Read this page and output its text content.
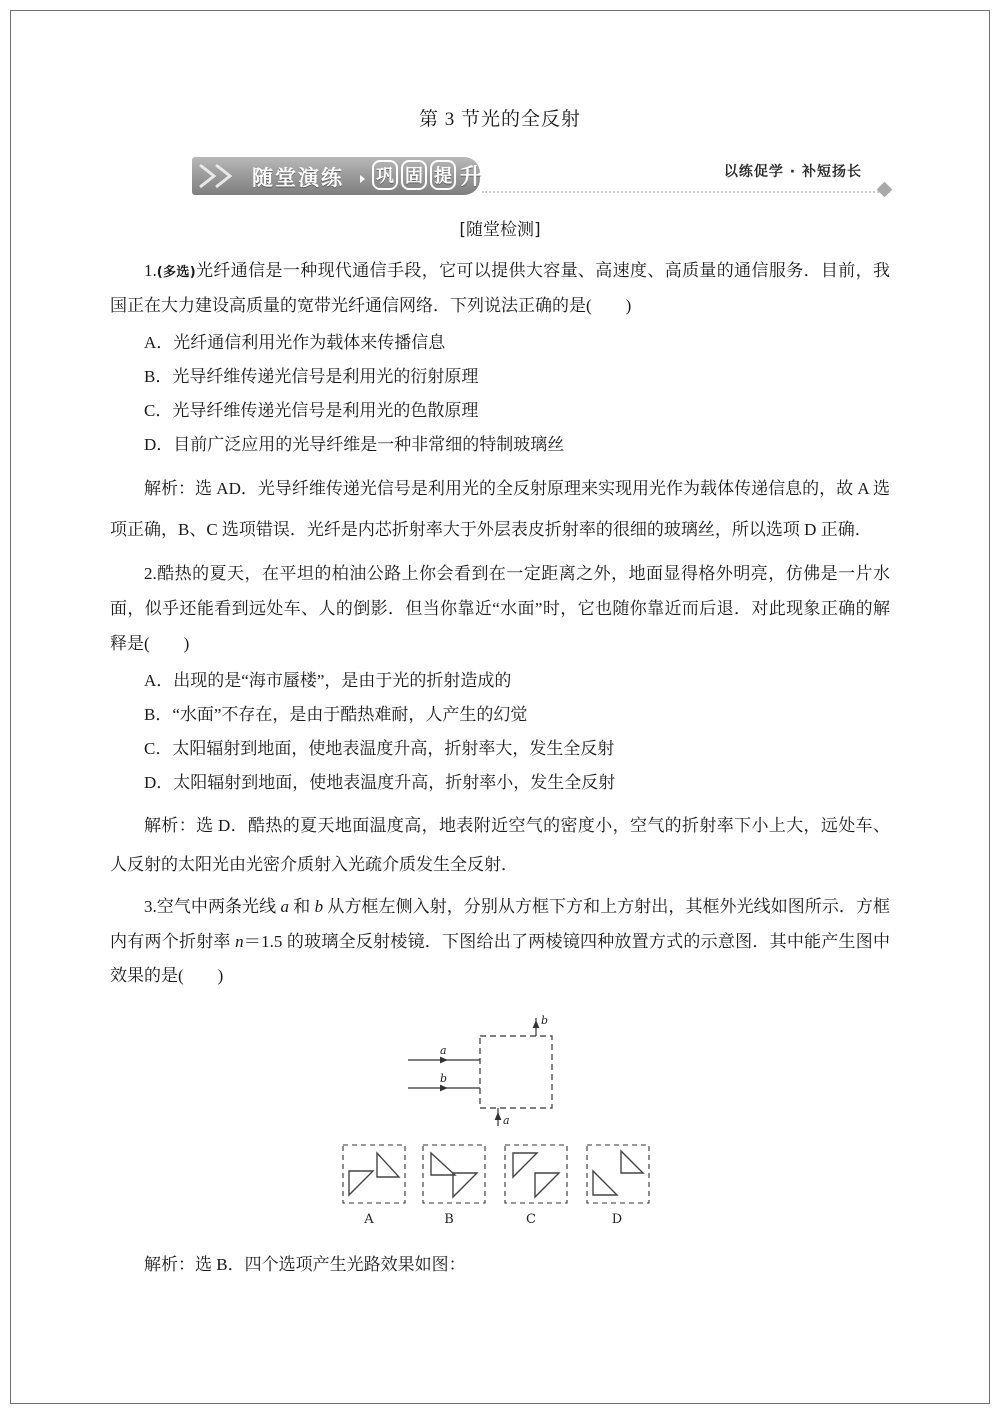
第 3 节光的全反射
随堂演练 巩 固 提 升	以练促学 · 补短扬长
[随堂检测]

1.(多选)光纤通信是一种现代通信手段，它可以提供大容量、高速度、高质量的通信服务．目前，我国正在大力建设高质量的宽带光纤通信网络．下列说法正确的是(　　)

A．光纤通信利用光作为载体来传播信息

B．光导纤维传递光信号是利用光的衍射原理

C．光导纤维传递光信号是利用光的色散原理

D．目前广泛应用的光导纤维是一种非常细的特制玻璃丝

解析：选 AD．光导纤维传递光信号是利用光的全反射原理来实现用光作为载体传递信息的，故 A 选项正确，B、C 选项错误．光纤是内芯折射率大于外层表皮折射率的很细的玻璃丝，所以选项 D 正确．

2.酷热的夏天，在平坦的柏油公路上你会看到在一定距离之外，地面显得格外明亮，仿佛是一片水面，似乎还能看到远处车、人的倒影．但当你靠近“水面”时，它也随你靠近而后退．对此现象正确的解释是(　　)

A．出现的是“海市蜃楼”，是由于光的折射造成的

B．“水面”不存在，是由于酷热难耐，人产生的幻觉

C．太阳辐射到地面，使地表温度升高，折射率大，发生全反射

D．太阳辐射到地面，使地表温度升高，折射率小，发生全反射

解析：选 D．酷热的夏天地面温度高，地表附近空气的密度小，空气的折射率下小上大，远处车、人反射的太阳光由光密介质射入光疏介质发生全反射．

3.空气中两条光线 a 和 b 从方框左侧入射，分别从方框下方和上方射出，其框外光线如图所示．方框内有两个折射率 n＝1.5 的玻璃全反射棱镜．下图给出了两棱镜四种放置方式的示意图．其中能产生图中效果的是(　　)

a
b
b
a
A	B	C	D

解析：选 B．四个选项产生光路效果如图：
